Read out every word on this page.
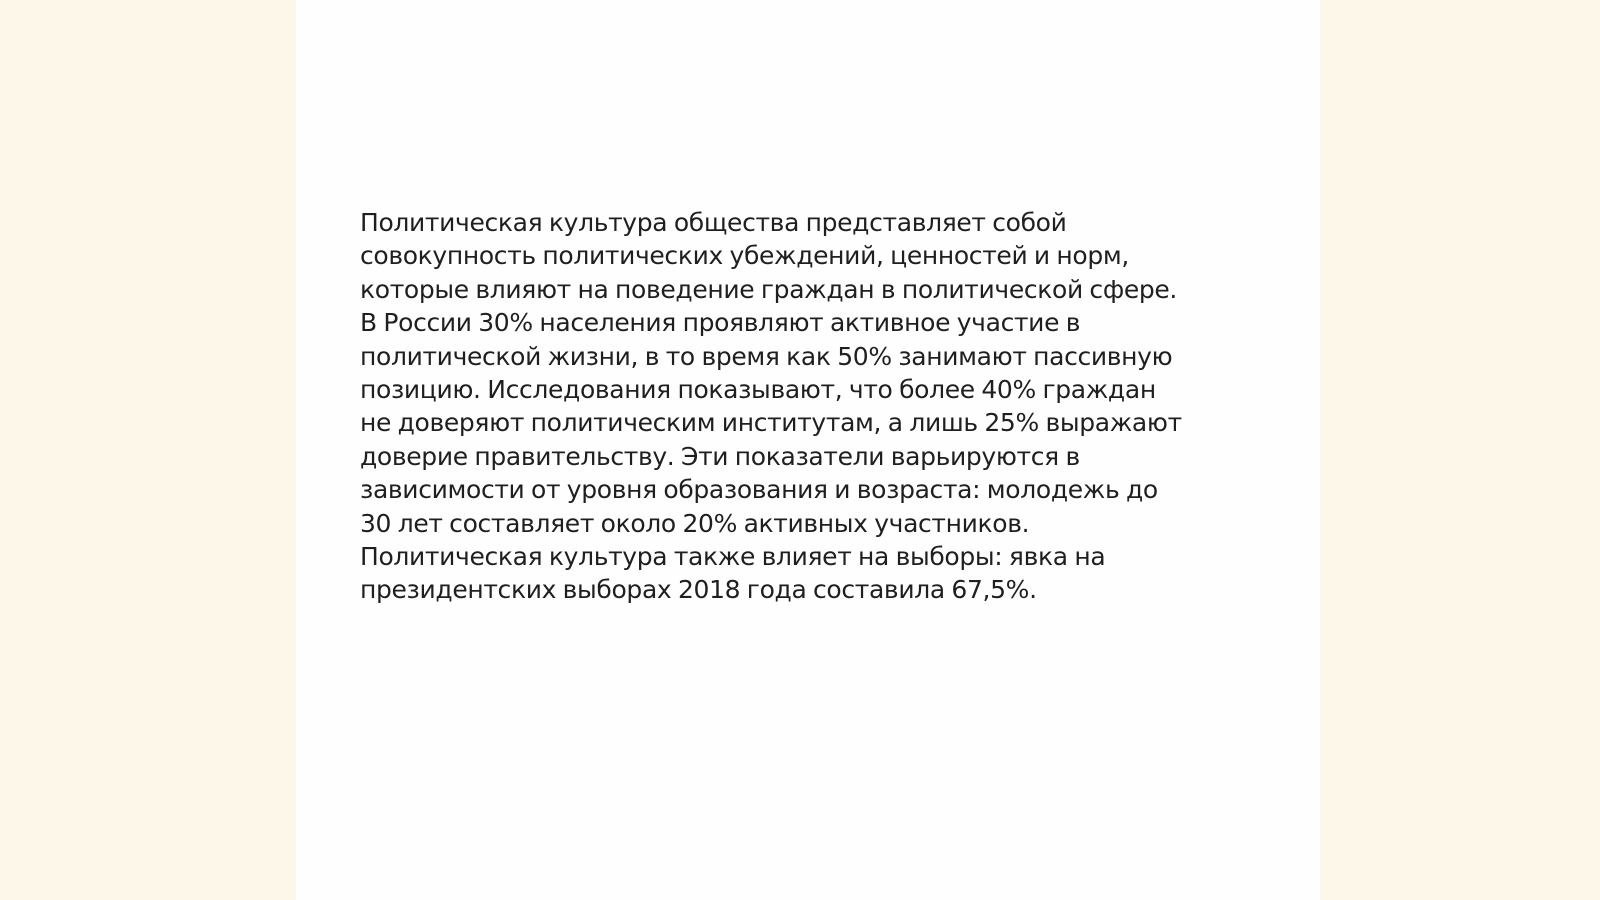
Политическая культура общества представляет собой
совокупность политических убеждений, ценностей и норм,
которые влияют на поведение граждан в политической сфере.
В России 30% населения проявляют активное участие в
политической жизни, в то время как 50% занимают пассивную
позицию. Исследования показывают, что более 40% граждан
не доверяют политическим институтам, а лишь 25% выражают
доверие правительству. Эти показатели варьируются в
зависимости от уровня образования и возраста: молодежь до
30 лет составляет около 20% активных участников.
Политическая культура также влияет на выборы: явка на
президентских выборах 2018 года составила 67,5%.
